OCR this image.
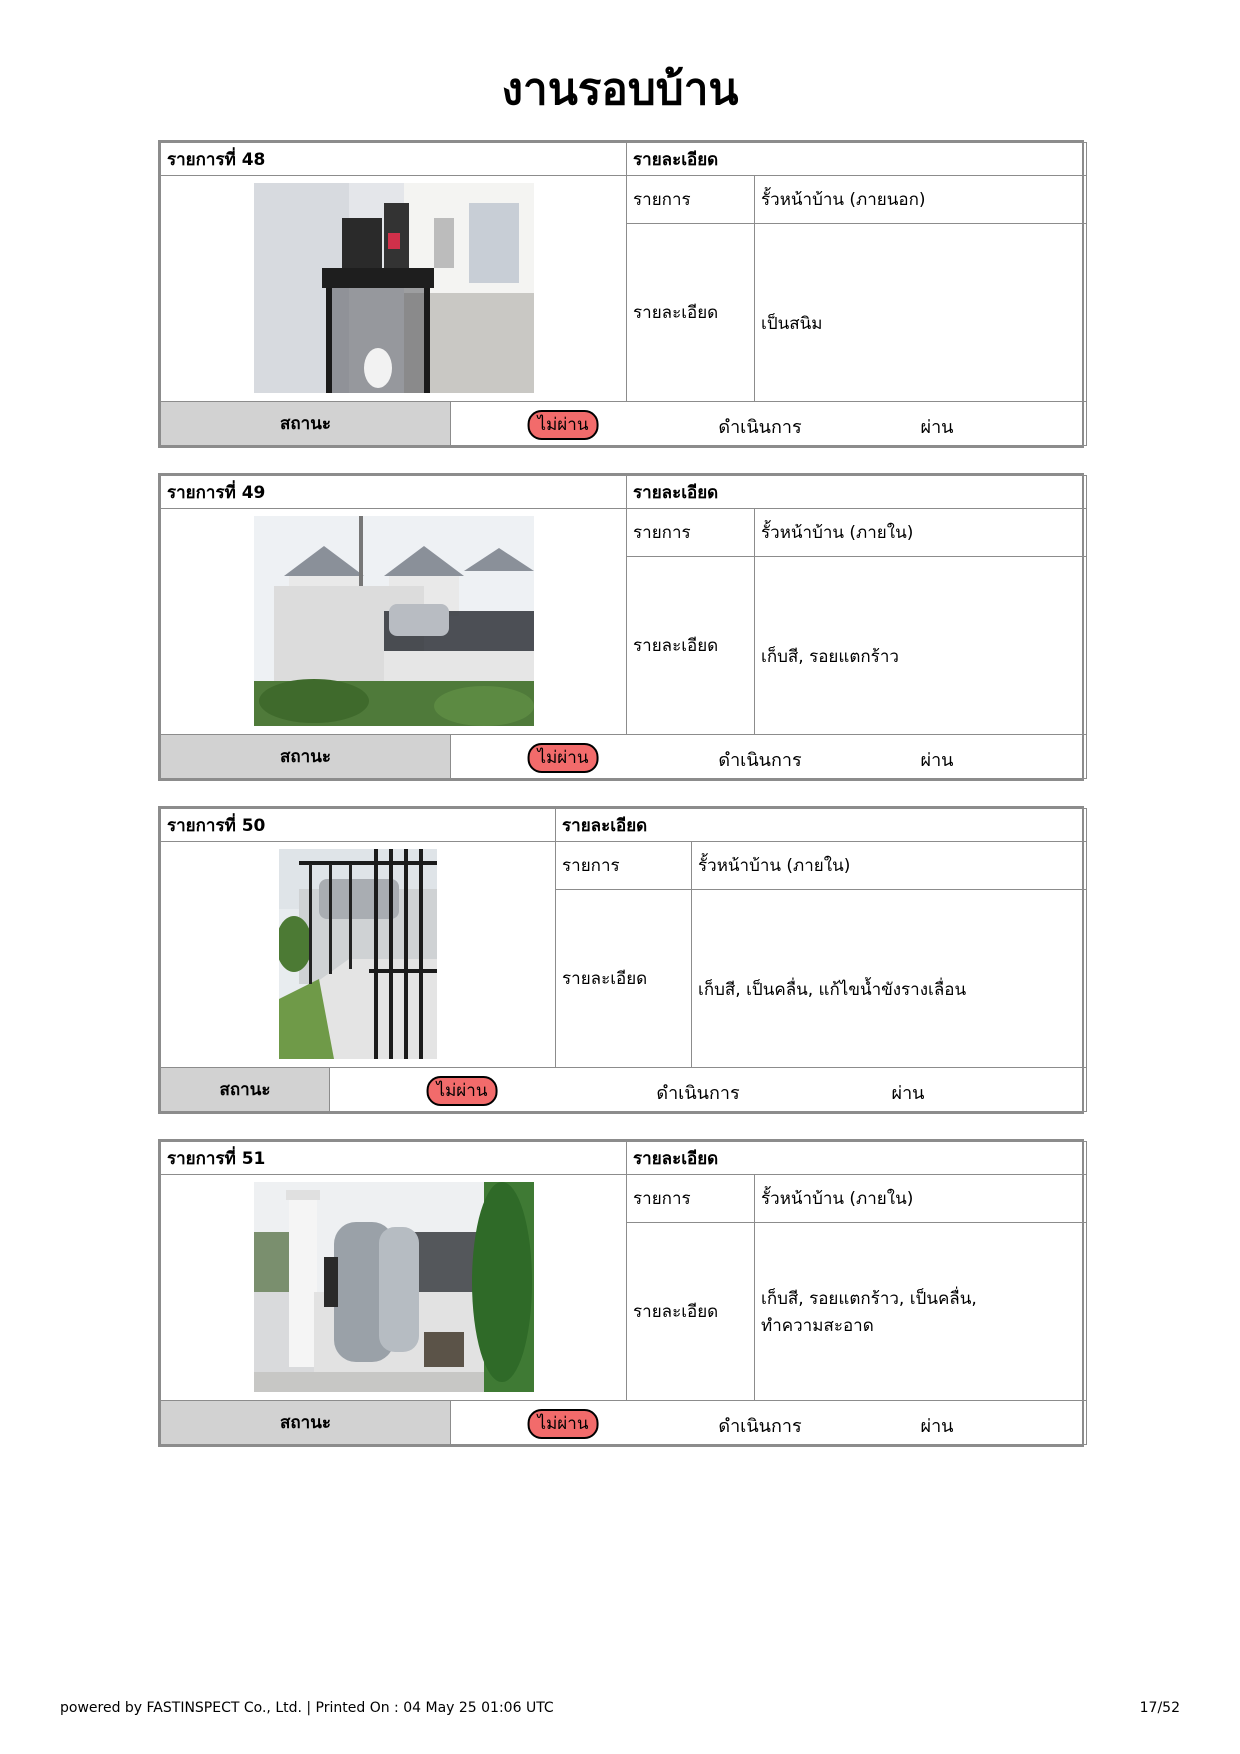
งานรอบบ้าน
รายการที่ 48		รายละเอียด	

	รายการ	รั้วหน้าบ้าน (ภายนอก)
		รายละเอียด	เป็นสนิม
สถานะ	ไม่ผ่าน ดำเนินการ ผ่าน		
รายการที่ 49		รายละเอียด	

	รายการ	รั้วหน้าบ้าน (ภายใน)
		รายละเอียด	เก็บสี, รอยแตกร้าว
สถานะ	ไม่ผ่าน ดำเนินการ ผ่าน		
รายการที่ 50		รายละเอียด	

	รายการ	รั้วหน้าบ้าน (ภายใน)
		รายละเอียด	เก็บสี, เป็นคลื่น, แก้ไขน้ำขังรางเลื่อน
สถานะ	ไม่ผ่าน ดำเนินการ ผ่าน		
รายการที่ 51		รายละเอียด	

	รายการ	รั้วหน้าบ้าน (ภายใน)
		รายละเอียด	เก็บสี, รอยแตกร้าว, เป็นคลื่น,
ทำความสะอาด

สถานะ	ไม่ผ่าน ดำเนินการ ผ่าน		
powered by FASTINSPECT Co., Ltd. | Printed On : 04 May 25 01:06 UTC	17/52
